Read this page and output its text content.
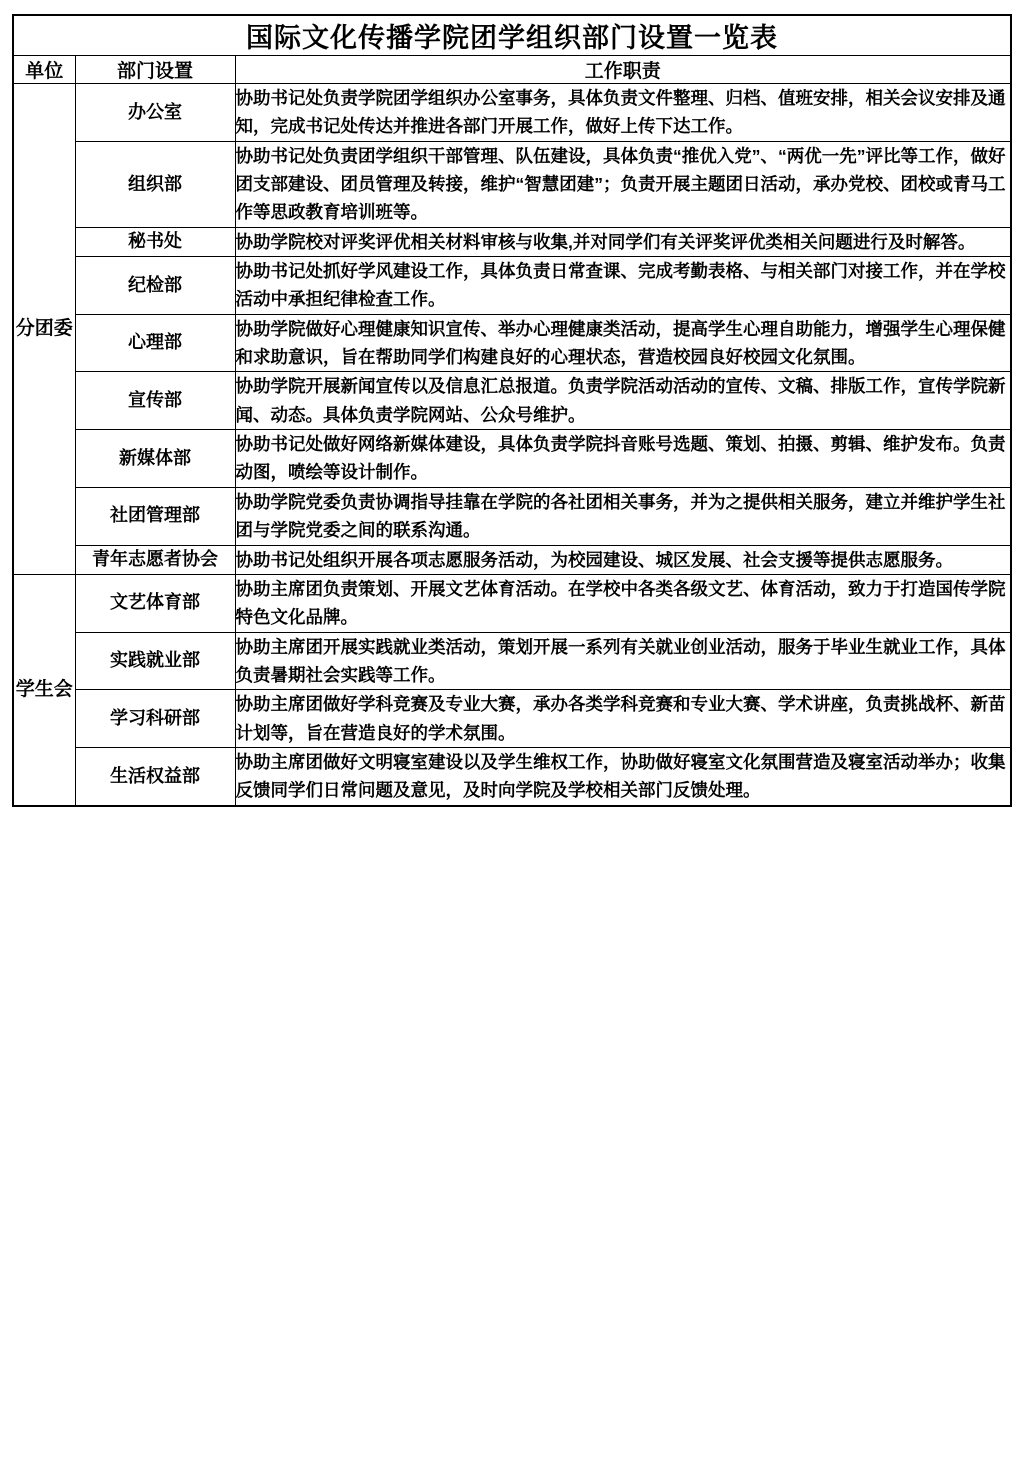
国际文化传播学院团学组织部门设置一览表		
单位	部门设置	工作职责
分团委	办公室	协助书记处负责学院团学组织办公室事务，具体负责文件整理、归档、值班安排，相关会议安排及通知，完成书记处传达并推进各部门开展工作，做好上传下达工作。
	组织部	协助书记处负责团学组织干部管理、队伍建设，具体负责“推优入党”、“两优一先”评比等工作，做好团支部建设、团员管理及转接，维护“智慧团建”；负责开展主题团日活动，承办党校、团校或青马工作等思政教育培训班等。
	秘书处	协助学院校对评奖评优相关材料审核与收集,并对同学们有关评奖评优类相关问题进行及时解答。
	纪检部	协助书记处抓好学风建设工作，具体负责日常查课、完成考勤表格、与相关部门对接工作，并在学校活动中承担纪律检查工作。
	心理部	协助学院做好心理健康知识宣传、举办心理健康类活动，提高学生心理自助能力，增强学生心理保健和求助意识，旨在帮助同学们构建良好的心理状态，营造校园良好校园文化氛围。
	宣传部	协助学院开展新闻宣传以及信息汇总报道。负责学院活动活动的宣传、文稿、排版工作，宣传学院新闻、动态。具体负责学院网站、公众号维护。
	新媒体部	协助书记处做好网络新媒体建设，具体负责学院抖音账号选题、策划、拍摄、剪辑、维护发布。负责动图，喷绘等设计制作。
	社团管理部	协助学院党委负责协调指导挂靠在学院的各社团相关事务，并为之提供相关服务，建立并维护学生社团与学院党委之间的联系沟通。
	青年志愿者协会	协助书记处组织开展各项志愿服务活动，为校园建设、城区发展、社会支援等提供志愿服务。
学生会	文艺体育部	协助主席团负责策划、开展文艺体育活动。在学校中各类各级文艺、体育活动，致力于打造国传学院特色文化品牌。
	实践就业部	协助主席团开展实践就业类活动，策划开展一系列有关就业创业活动，服务于毕业生就业工作，具体负责暑期社会实践等工作。
	学习科研部	协助主席团做好学科竞赛及专业大赛，承办各类学科竞赛和专业大赛、学术讲座，负责挑战杯、新苗计划等，旨在营造良好的学术氛围。
	生活权益部	协助主席团做好文明寝室建设以及学生维权工作，协助做好寝室文化氛围营造及寝室活动举办；收集反馈同学们日常问题及意见，及时向学院及学校相关部门反馈处理。
